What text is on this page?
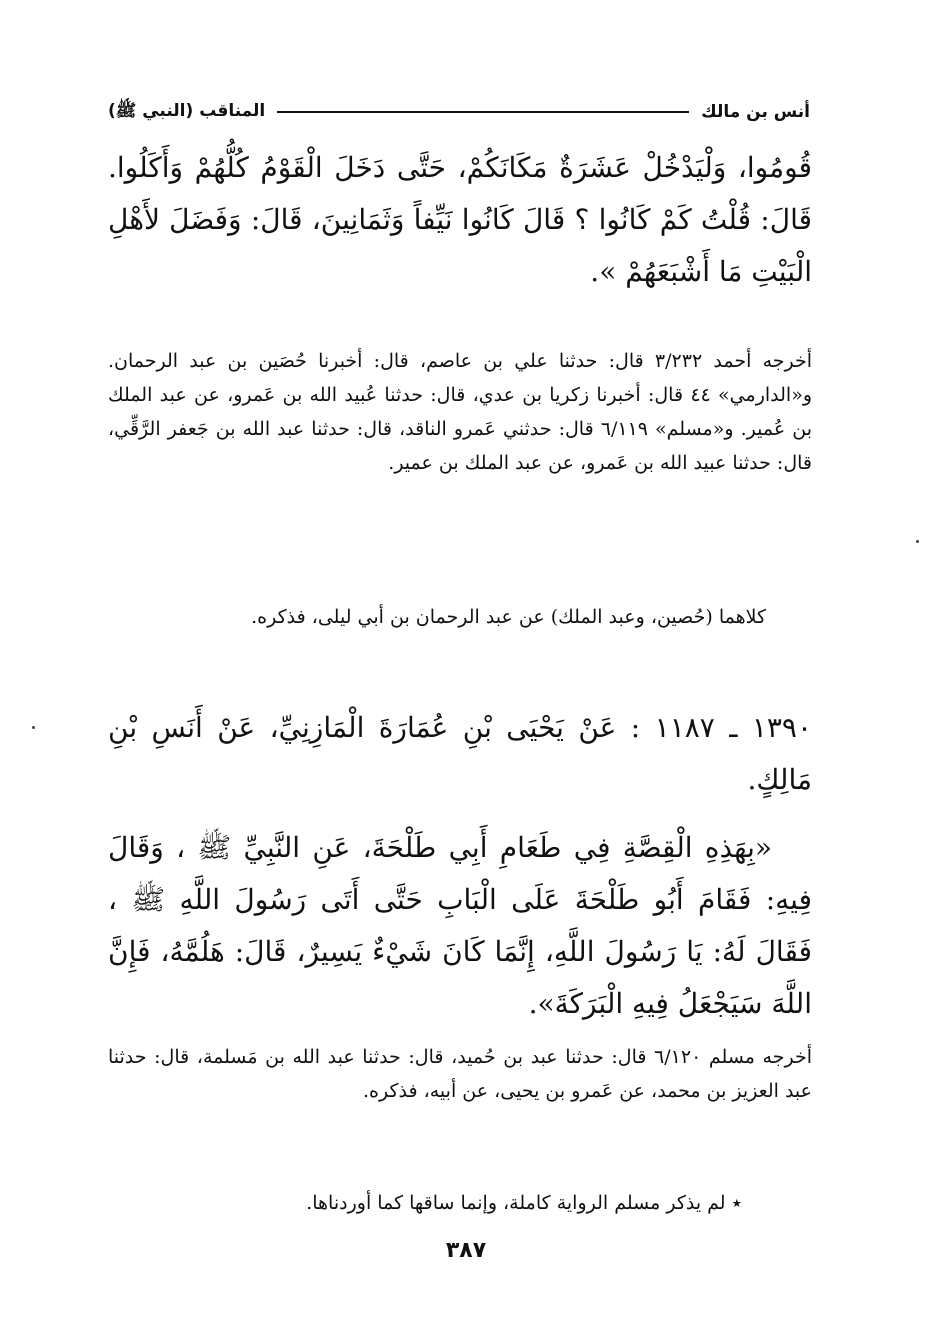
أنس بن مالك
المناقب (النبي ﷺ)
قُومُوا، وَلْيَدْخُلْ عَشَرَةٌ مَكَانَكُمْ، حَتَّى دَخَلَ الْقَوْمُ كُلُّهُمْ وَأَكَلُوا. قَالَ: قُلْتُ كَمْ كَانُوا ؟ قَالَ كَانُوا نَيِّفاً وَثَمَانِينَ، قَالَ: وَفَضَلَ لأَهْلِ الْبَيْتِ مَا أَشْبَعَهُمْ ».
أخرجه أحمد ٣/٢٣٢ قال: حدثنا علي بن عاصم، قال: أخبرنا حُصَين بن عبد الرحمان. و«الدارمي» ٤٤ قال: أخبرنا زكريا بن عدي، قال: حدثنا عُبيد الله بن عَمرو، عن عبد الملك بن عُمير. و«مسلم» ٦/١١٩ قال: حدثني عَمرو الناقد، قال: حدثنا عبد الله بن جَعفر الرَّقِّي، قال: حدثنا عبيد الله بن عَمرو، عن عبد الملك بن عمير.
كلاهما (حُصين، وعبد الملك) عن عبد الرحمان بن أبي ليلى، فذكره.
١٣٩٠ ـ ١١٨٧ : عَنْ يَحْيَى بْنِ عُمَارَةَ الْمَازِنِيِّ، عَنْ أَنَسِ بْنِ مَالِكٍ.
«بِهَذِهِ الْقِصَّةِ فِي طَعَامِ أَبِي طَلْحَةَ، عَنِ النَّبِيِّ ﷺ ، وَقَالَ فِيهِ: فَقَامَ أَبُو طَلْحَةَ عَلَى الْبَابِ حَتَّى أَتَى رَسُولَ اللَّهِ ﷺ ، فَقَالَ لَهُ: يَا رَسُولَ اللَّهِ، إِنَّمَا كَانَ شَيْءٌ يَسِيرٌ، قَالَ: هَلُمَّهُ، فَإِنَّ اللَّهَ سَيَجْعَلُ فِيهِ الْبَرَكَةَ».
أخرجه مسلم ٦/١٢٠ قال: حدثنا عبد بن حُميد، قال: حدثنا عبد الله بن مَسلمة، قال: حدثنا عبد العزيز بن محمد، عن عَمرو بن يحيى، عن أبيه، فذكره.
٭ لم يذكر مسلم الرواية كاملة، وإنما ساقها كما أوردناها.
٣٨٧
